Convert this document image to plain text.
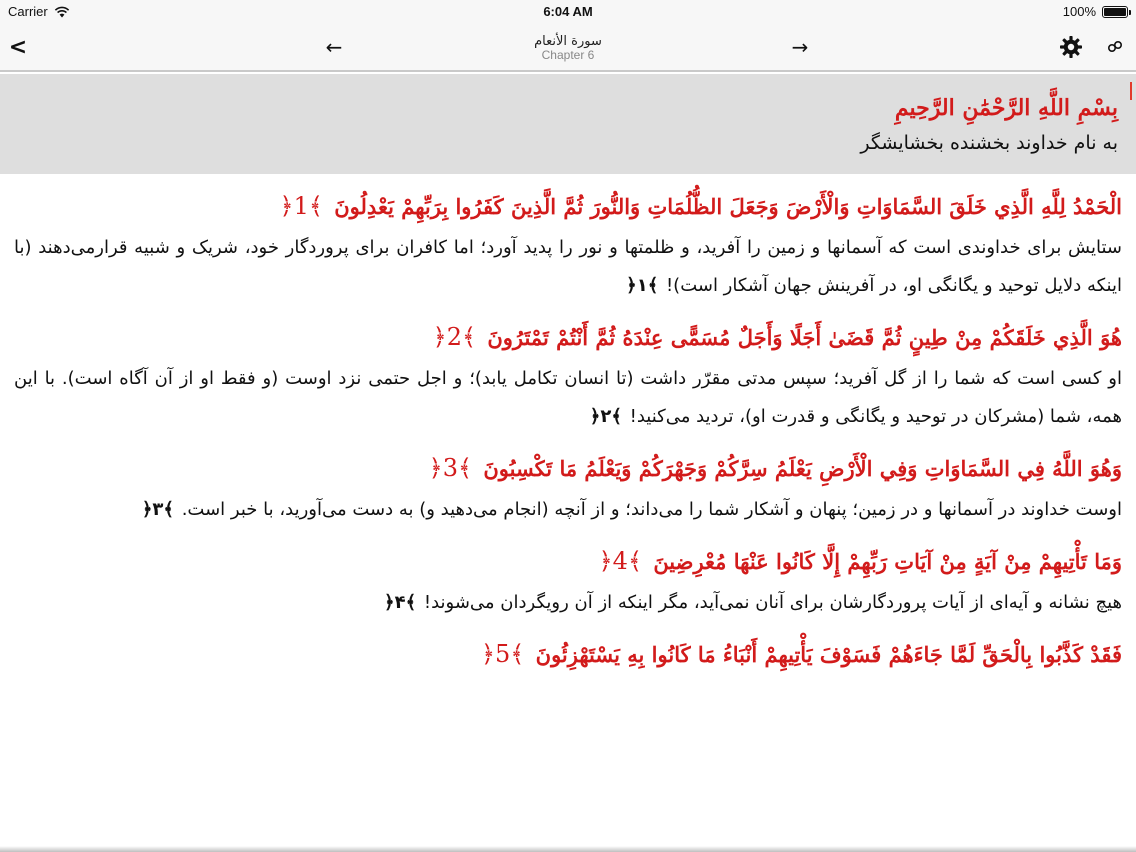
Carrier	6:04 AM	100%
<	←	سورة الأنعام
Chapter 6	→
بِسْمِ اللَّهِ الرَّحْمَٰنِ الرَّحِيمِ
به نام خداوند بخشنده بخشایشگر
الْحَمْدُ لِلَّهِ الَّذِي خَلَقَ السَّمَاوَاتِ وَالْأَرْضَ وَجَعَلَ الظُّلُمَاتِ وَالنُّورَ ثُمَّ الَّذِينَ كَفَرُوا بِرَبِّهِمْ يَعْدِلُونَ ﴾1﴿
ستایش برای خداوندی است که آسمانها و زمین را آفرید، و ظلمتها و نور را پدید آورد؛ اما کافران برای پروردگار خود، شریک و شبیه قرارمی‌دهند (با اینکه دلایل توحید و یگانگی او، در آفرینش جهان آشکار است)! ﴾۱﴿
هُوَ الَّذِي خَلَقَكُمْ مِنْ طِينٍ ثُمَّ قَضَىٰ أَجَلًا وَأَجَلٌ مُسَمًّى عِنْدَهُ ثُمَّ أَنْتُمْ تَمْتَرُونَ ﴾2﴿
او کسی است که شما را از گل آفرید؛ سپس مدتی مقرّر داشت (تا انسان تکامل یابد)؛ و اجل حتمی نزد اوست (و فقط او از آن آگاه است). با این همه، شما (مشرکان در توحید و یگانگی و قدرت او)، تردید می‌کنید! ﴾۲﴿
وَهُوَ اللَّهُ فِي السَّمَاوَاتِ وَفِي الْأَرْضِ يَعْلَمُ سِرَّكُمْ وَجَهْرَكُمْ وَيَعْلَمُ مَا تَكْسِبُونَ ﴾3﴿
اوست خداوند در آسمانها و در زمین؛ پنهان و آشکار شما را می‌داند؛ و از آنچه (انجام می‌دهید و) به دست می‌آورید، با خبر است. ﴾۳﴿
وَمَا تَأْتِيهِمْ مِنْ آيَةٍ مِنْ آيَاتِ رَبِّهِمْ إِلَّا كَانُوا عَنْهَا مُعْرِضِينَ ﴾4﴿
هیچ نشانه و آیه‌ای از آیات پروردگارشان برای آنان نمی‌آید، مگر اینکه از آن رویگردان می‌شوند! ﴾۴﴿
فَقَدْ كَذَّبُوا بِالْحَقِّ لَمَّا جَاءَهُمْ فَسَوْفَ يَأْتِيهِمْ أَنْبَاءُ مَا كَانُوا بِهِ يَسْتَهْزِئُونَ ﴾5﴿
